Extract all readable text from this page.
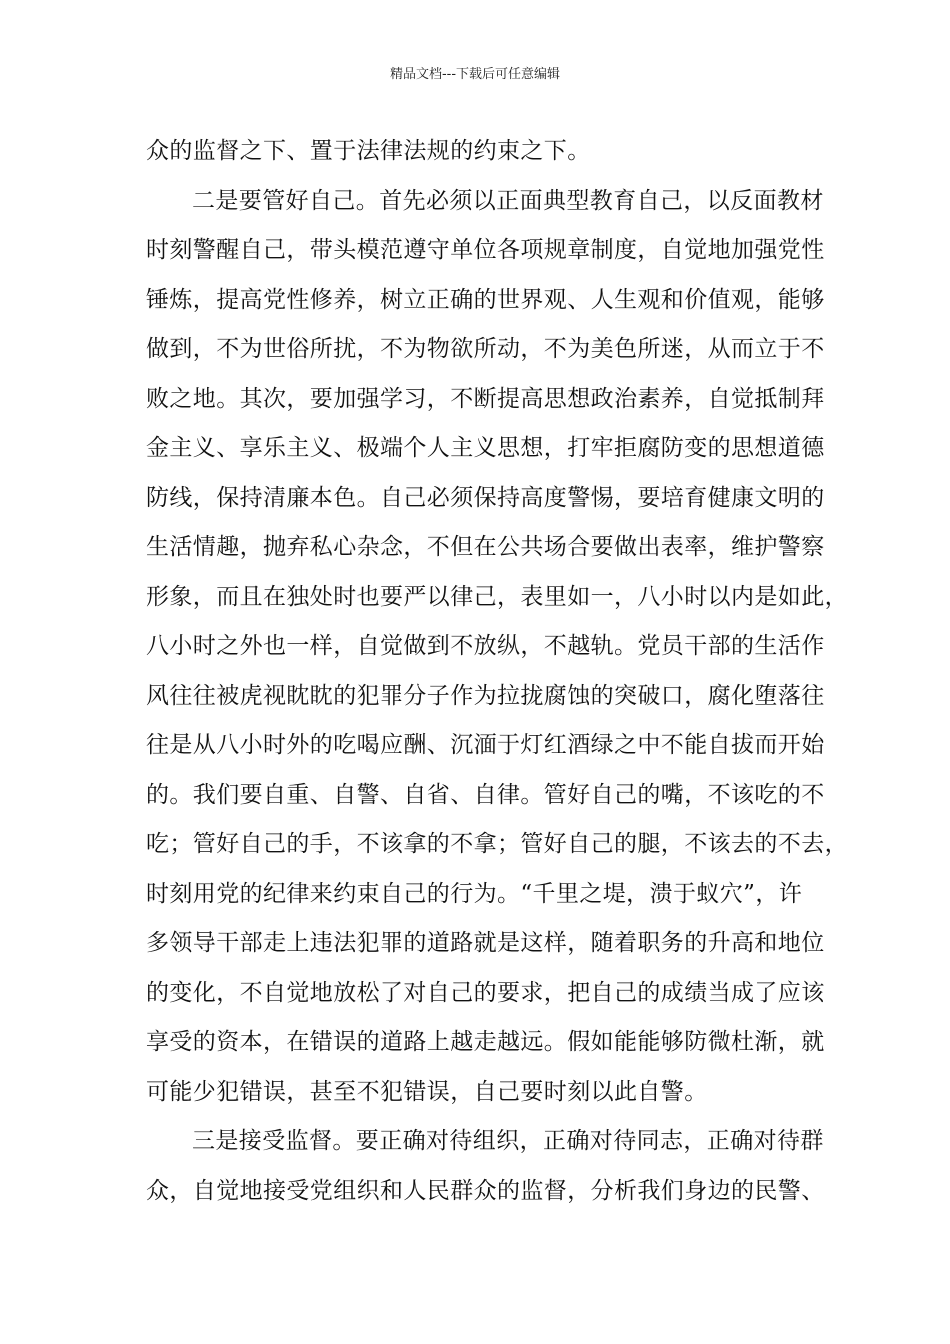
精品文档---下载后可任意编辑
众的监督之下、置于法律法规的约束之下。
二是要管好自己。首先必须以正面典型教育自己，以反面教材
时刻警醒自己，带头模范遵守单位各项规章制度，自觉地加强党性
锤炼，提高党性修养，树立正确的世界观、人生观和价值观，能够
做到，不为世俗所扰，不为物欲所动，不为美色所迷，从而立于不
败之地。其次，要加强学习，不断提高思想政治素养，自觉抵制拜
金主义、享乐主义、极端个人主义思想，打牢拒腐防变的思想道德
防线，保持清廉本色。自己必须保持高度警惕，要培育健康文明的
生活情趣，抛弃私心杂念，不但在公共场合要做出表率，维护警察
形象，而且在独处时也要严以律己，表里如一，八小时以内是如此，
八小时之外也一样，自觉做到不放纵，不越轨。党员干部的生活作
风往往被虎视眈眈的犯罪分子作为拉拢腐蚀的突破口，腐化堕落往
往是从八小时外的吃喝应酬、沉湎于灯红酒绿之中不能自拔而开始
的。我们要自重、自警、自省、自律。管好自己的嘴，不该吃的不
吃；管好自己的手，不该拿的不拿；管好自己的腿，不该去的不去，
时刻用党的纪律来约束自己的行为。“千里之堤，溃于蚁穴”，许
多领导干部走上违法犯罪的道路就是这样，随着职务的升高和地位
的变化，不自觉地放松了对自己的要求，把自己的成绩当成了应该
享受的资本，在错误的道路上越走越远。假如能能够防微杜渐，就
可能少犯错误，甚至不犯错误，自己要时刻以此自警。
三是接受监督。要正确对待组织，正确对待同志，正确对待群
众，自觉地接受党组织和人民群众的监督，分析我们身边的民警、
